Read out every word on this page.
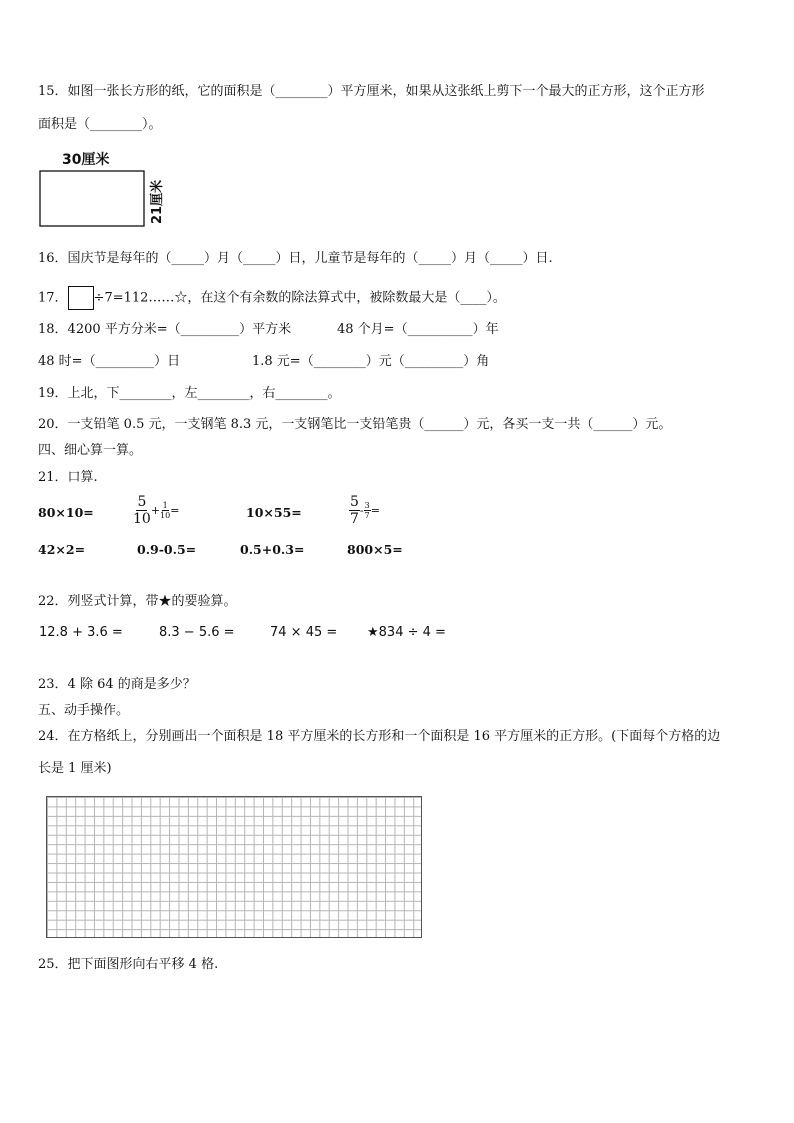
15．如图一张长方形的纸，它的面积是（________）平方厘米，如果从这张纸上剪下一个最大的正方形，这个正方形
面积是（________）。
30厘米
21厘米
16．国庆节是每年的（_____）月（_____）日，儿童节是每年的（_____）月（_____）日.
17． ÷7=112……☆，在这个有余数的除法算式中，被除数最大是（____）。
18．4200 平方分米=（_________）平方米	48 个月=（__________）年
48 时=（_________）日	1.8 元=（________）元（_________）角
19．上北，下________，左________，右________。
20．一支铅笔 0.5 元，一支钢笔 8.3 元，一支钢笔比一支铅笔贵（______）元，各买一支一共（______）元。
四、细心算一算。
21．口算.
80×10=	$\frac{5}{10} + \frac{1}{10}$ =	10×55=	$\frac{5}{7} - \frac{3}{7}$ =
42×2=	0.9-0.5=	0.5+0.3=	800×5=
22．列竖式计算，带★的要验算。
12.8 + 3.6 =	8.3 − 5.6 =	74 × 45 = ★834 ÷ 4 =
23．4 除 64 的商是多少？
五、动手操作。
24．在方格纸上，分别画出一个面积是 18 平方厘米的长方形和一个面积是 16 平方厘米的正方形。(下面每个方格的边
长是 1 厘米)
25．把下面图形向右平移 4 格.
